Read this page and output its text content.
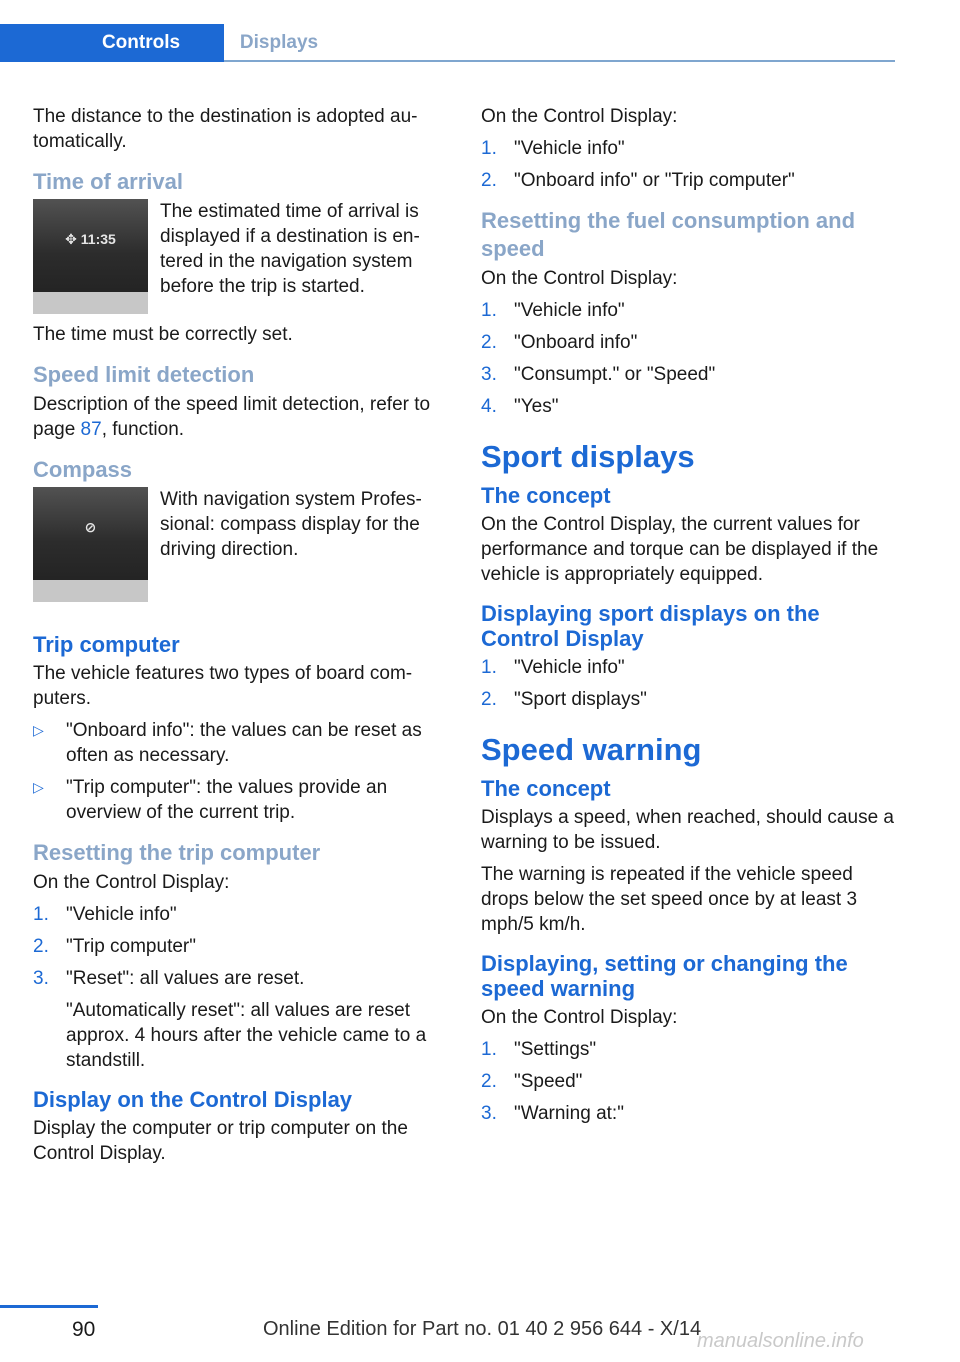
Controls	Displays

The distance to the destination is adopted au‐ tomatically.

Time of arrival
✥ 11:35

The estimated time of arrival is displayed if a destination is en‐ tered in the navigation system before the trip is started.

The time must be correctly set.

Speed limit detection

Description of the speed limit detection, refer to page 87, function.

Compass
⊘

With navigation system Profes‐ sional: compass display for the driving direction.

Trip computer

The vehicle features two types of board com‐ puters.

▷ "Onboard info": the values can be reset as often as necessary.
▷ "Trip computer": the values provide an overview of the current trip.
Resetting the trip computer

On the Control Display:

1. "Vehicle info"
2. "Trip computer"
3. "Reset": all values are reset.
"Automatically reset": all values are reset approx. 4 hours after the vehicle came to a standstill.
Display on the Control Display

Display the computer or trip computer on the Control Display.

On the Control Display:

1. "Vehicle info"
2. "Onboard info" or "Trip computer"
Resetting the fuel consumption and speed

On the Control Display:

1. "Vehicle info"
2. "Onboard info"
3. "Consumpt." or "Speed"
4. "Yes"
Sport displays
The concept

On the Control Display, the current values for performance and torque can be displayed if the vehicle is appropriately equipped.

Displaying sport displays on the Control Display
1. "Vehicle info"
2. "Sport displays"
Speed warning
The concept

Displays a speed, when reached, should cause a warning to be issued.

The warning is repeated if the vehicle speed drops below the set speed once by at least 3 mph/5 km/h.

Displaying, setting or changing the speed warning

On the Control Display:

1. "Settings"
2. "Speed"
3. "Warning at:"
90	Online Edition for Part no. 01 40 2 956 644 - X/14
manualsonline.info
